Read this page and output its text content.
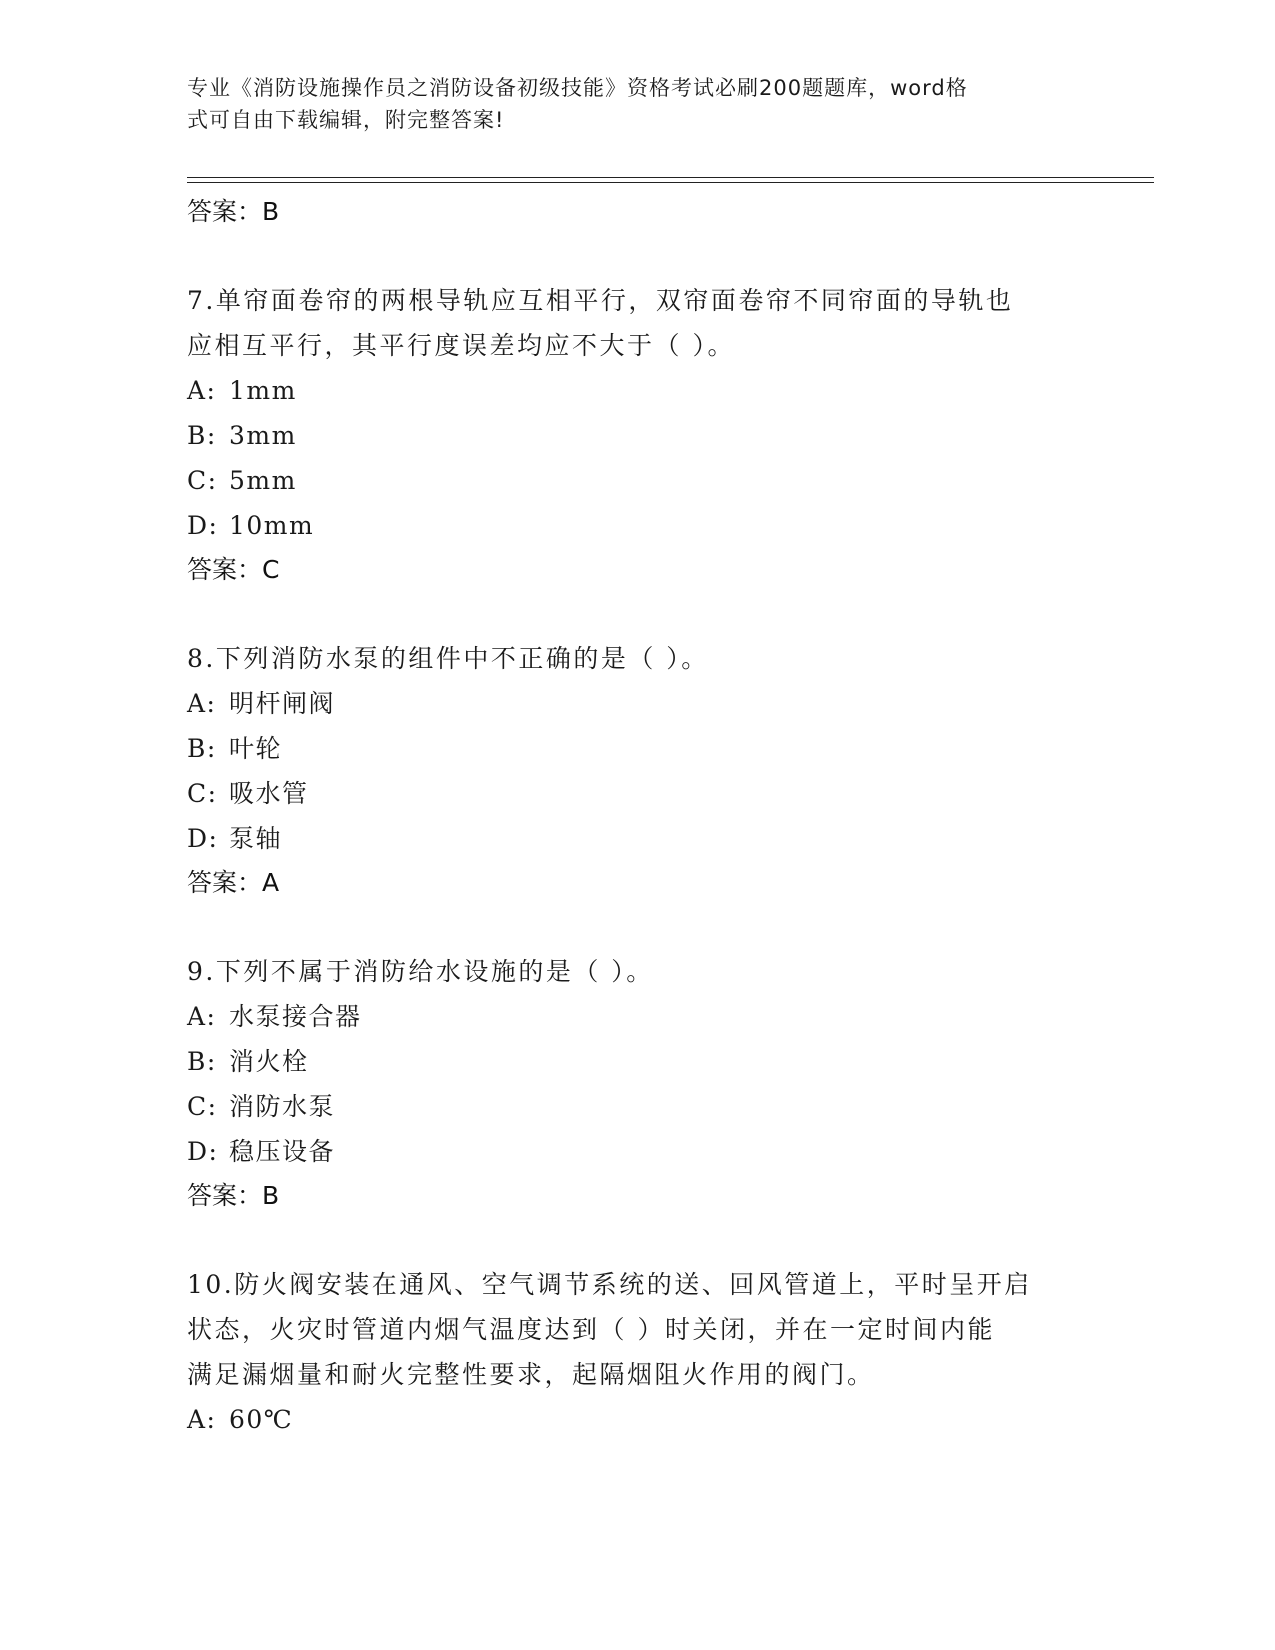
专业《消防设施操作员之消防设备初级技能》资格考试必刷200题题库，word格
式可自由下载编辑，附完整答案!
答案：B
7.单帘面卷帘的两根导轨应互相平行，双帘面卷帘不同帘面的导轨也
应相互平行，其平行度误差均应不大于（ ）。
A: 1mm
B: 3mm
C: 5mm
D: 10mm
答案：C
8.下列消防水泵的组件中不正确的是（ ）。
A: 明杆闸阀
B: 叶轮
C: 吸水管
D: 泵轴
答案：A
9.下列不属于消防给水设施的是（ ）。
A: 水泵接合器
B: 消火栓
C: 消防水泵
D: 稳压设备
答案：B
10.防火阀安装在通风、空气调节系统的送、回风管道上，平时呈开启
状态，火灾时管道内烟气温度达到（ ）时关闭，并在一定时间内能
满足漏烟量和耐火完整性要求，起隔烟阻火作用的阀门。
A: 60℃
